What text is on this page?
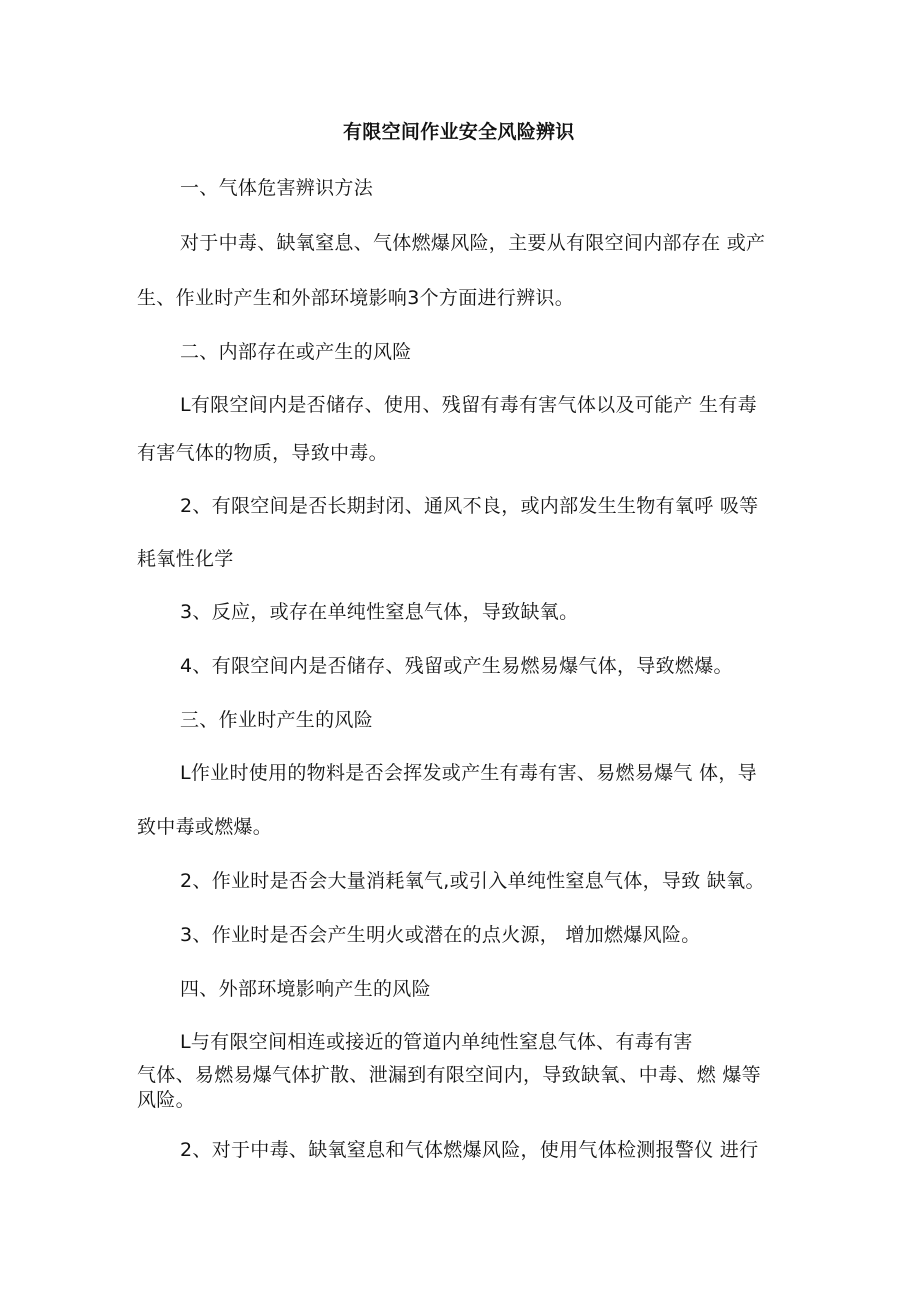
有限空间作业安全风险辨识
一、气体危害辨识方法
对于中毒、缺氧窒息、气体燃爆风险，主要从有限空间内部存在 或产
生、作业时产生和外部环境影响3个方面进行辨识。
二、内部存在或产生的风险
L有限空间内是否储存、使用、残留有毒有害气体以及可能产 生有毒
有害气体的物质，导致中毒。
2、有限空间是否长期封闭、通风不良，或内部发生生物有氧呼 吸等
耗氧性化学
3、反应，或存在单纯性窒息气体，导致缺氧。
4、有限空间内是否储存、残留或产生易燃易爆气体，导致燃爆。
三、作业时产生的风险
L作业时使用的物料是否会挥发或产生有毒有害、易燃易爆气 体，导
致中毒或燃爆。
2、作业时是否会大量消耗氧气,或引入单纯性窒息气体，导致 缺氧。
3、作业时是否会产生明火或潜在的点火源， 增加燃爆风险。
四、外部环境影响产生的风险
L与有限空间相连或接近的管道内单纯性窒息气体、有毒有害
气体、易燃易爆气体扩散、泄漏到有限空间内，导致缺氧、中毒、燃 爆等
风险。
2、对于中毒、缺氧窒息和气体燃爆风险，使用气体检测报警仪 进行
